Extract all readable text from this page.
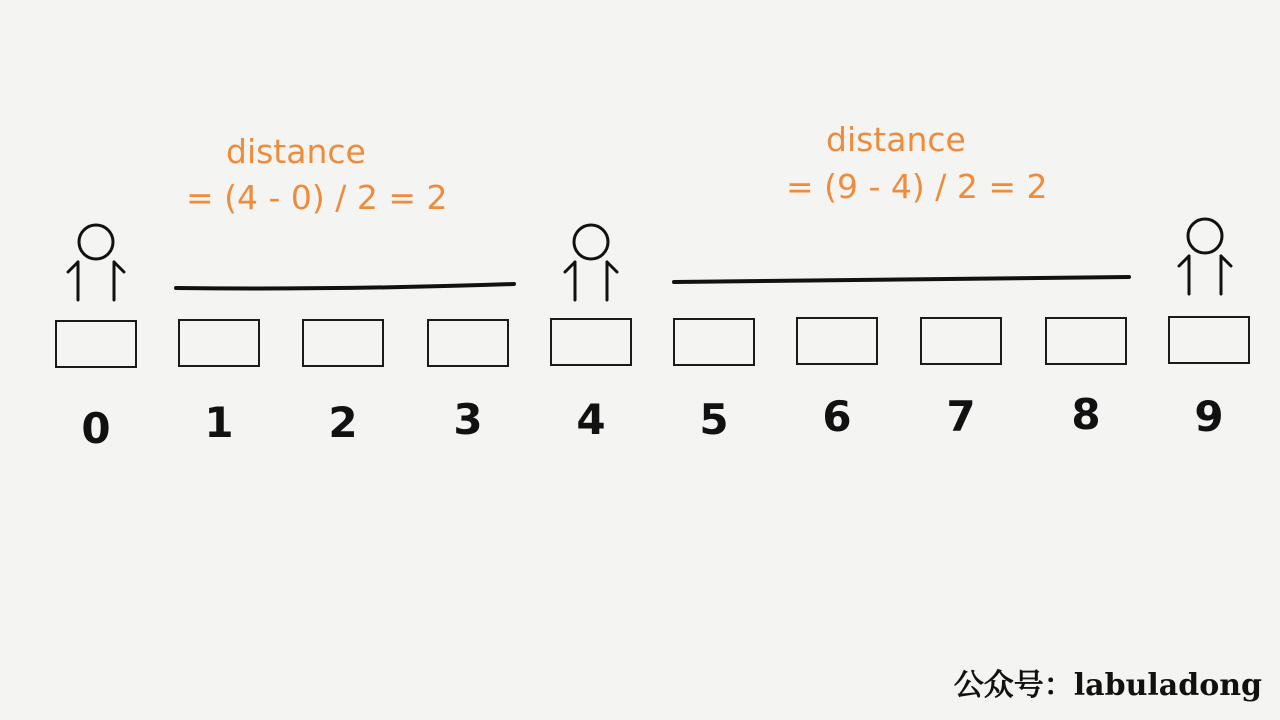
distance
= (4 - 0) / 2 = 2
distance
= (9 - 4) / 2 = 2
0	1	2	3	4	5	6	7	8	9
公众号：labuladong
